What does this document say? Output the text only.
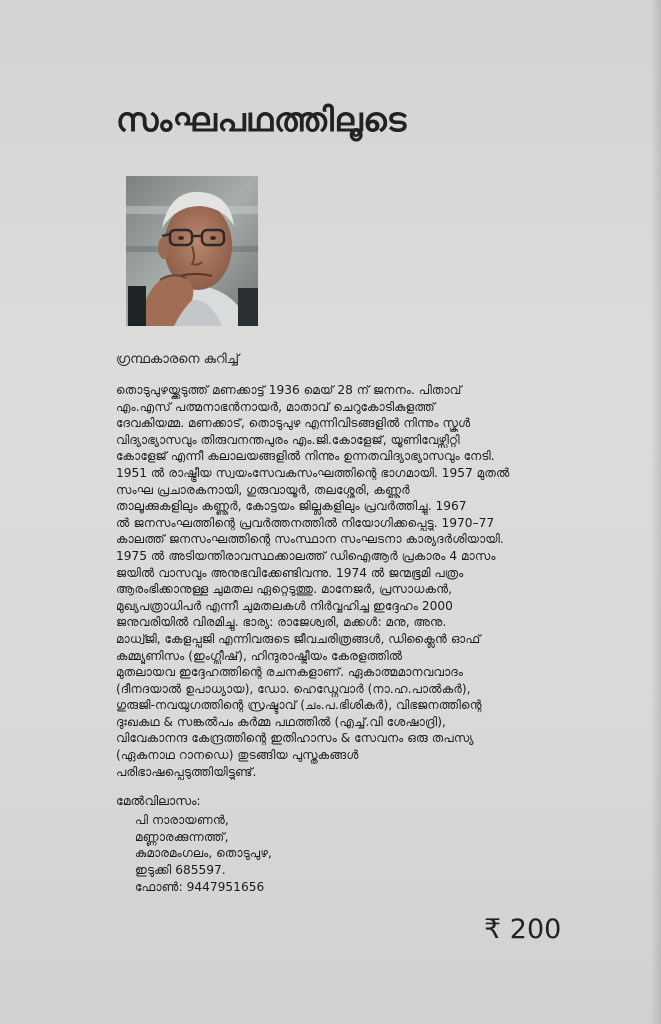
സംഘപഥത്തിലൂടെ
ഗ്രന്ഥകാരനെ കുറിച്ച്
തൊടുപുഴയ്ക്കടുത്ത് മണക്കാട്ട് 1936 മെയ് 28 ന് ജനനം. പിതാവ്
എം.എസ് പത്മനാഭൻനായർ, മാതാവ് ചെറുകോടികുളത്ത്
ദേവകിയമ്മ. മണക്കാട്, തൊടുപുഴ എന്നിവിടങ്ങളിൽ നിന്നും സ്കൂൾ
വിദ്യാഭ്യാസവും തിരുവനന്തപുരം എം.ജി.കോളേജ്, യൂണിവേഴ്സിറ്റി
കോളേജ് എന്നീ കലാലയങ്ങളിൽ നിന്നും ഉന്നതവിദ്യാഭ്യാസവും നേടി.
1951 ൽ രാഷ്ട്രീയ സ്വയംസേവകസംഘത്തിന്റെ ഭാഗമായി. 1957 മുതൽ
സംഘ പ്രചാരകനായി, ഗുരുവായൂർ, തലശ്ശേരി, കണ്ണൂർ
താലൂക്കുകളിലും കണ്ണൂർ, കോട്ടയം ജില്ലകളിലും പ്രവർത്തിച്ചു. 1967
ൽ ജനസംഘത്തിന്റെ പ്രവർത്തനത്തിൽ നിയോഗിക്കപ്പെട്ടു. 1970–77
കാലത്ത് ജനസംഘത്തിന്റെ സംസ്ഥാന സംഘടനാ കാര്യദർശിയായി.
1975 ൽ അടിയന്തിരാവസ്ഥക്കാലത്ത് ഡിഐആർ പ്രകാരം 4 മാസം
ജയിൽ വാസവും അനുഭവിക്കേണ്ടിവന്നു. 1974 ൽ ജന്മഭൂമി പത്രം
ആരംഭിക്കാനുള്ള ചുമതല ഏറ്റെടുത്തു. മാനേജർ, പ്രസാധകൻ,
മുഖ്യപത്രാധിപർ എന്നീ ചുമതലകൾ നിർവ്വഹിച്ച ഇദ്ദേഹം 2000
ജനുവരിയിൽ വിരമിച്ചു. ഭാര്യ: രാജേശ്വരി, മക്കൾ: മനു, അനു.
മാധ്വ്ജി, കേളപ്പജി എന്നിവരുടെ ജീവചരിത്രങ്ങൾ, ഡിക്ലൈൻ ഓഫ്
കമ്മ്യൂണിസം (ഇംഗ്ലീഷ്), ഹിന്ദുരാഷ്ട്രീയം കേരളത്തിൽ
മുതലായവ ഇദ്ദേഹത്തിന്റെ രചനകളാണ്. ഏകാത്മമാനവവാദം
(ദീനദയാൽ ഉപാധ്യായ), ഡോ. ഹെഡ്ഗേവാർ (നാ.ഹ.പാൽകർ),
ഗുരുജി-നവയുഗത്തിന്റെ സ്രഷ്ടാവ് (ചം.പ.ഭിശികർ), വിഭജനത്തിന്റെ
ദുഃഖകഥ & സങ്കൽപം കർമ്മ പഥത്തിൽ (എച്ച്.വി ശേഷാദ്രി),
വിവേകാനന്ദ കേന്ദ്രത്തിന്റെ ഇതിഹാസം & സേവനം ഒരു തപസ്യ
(ഏകനാഥ റാനഡെ) തുടങ്ങിയ പുസ്തകങ്ങൾ
പരിഭാഷപ്പെടുത്തിയിട്ടുണ്ട്.
മേൽവിലാസം:
പി നാരായണൻ,
മണ്ണാരക്കുന്നത്ത്,
കുമാരമംഗലം, തൊടുപുഴ,
ഇടുക്കി 685597.
ഫോൺ: 9447951656
₹ 200
